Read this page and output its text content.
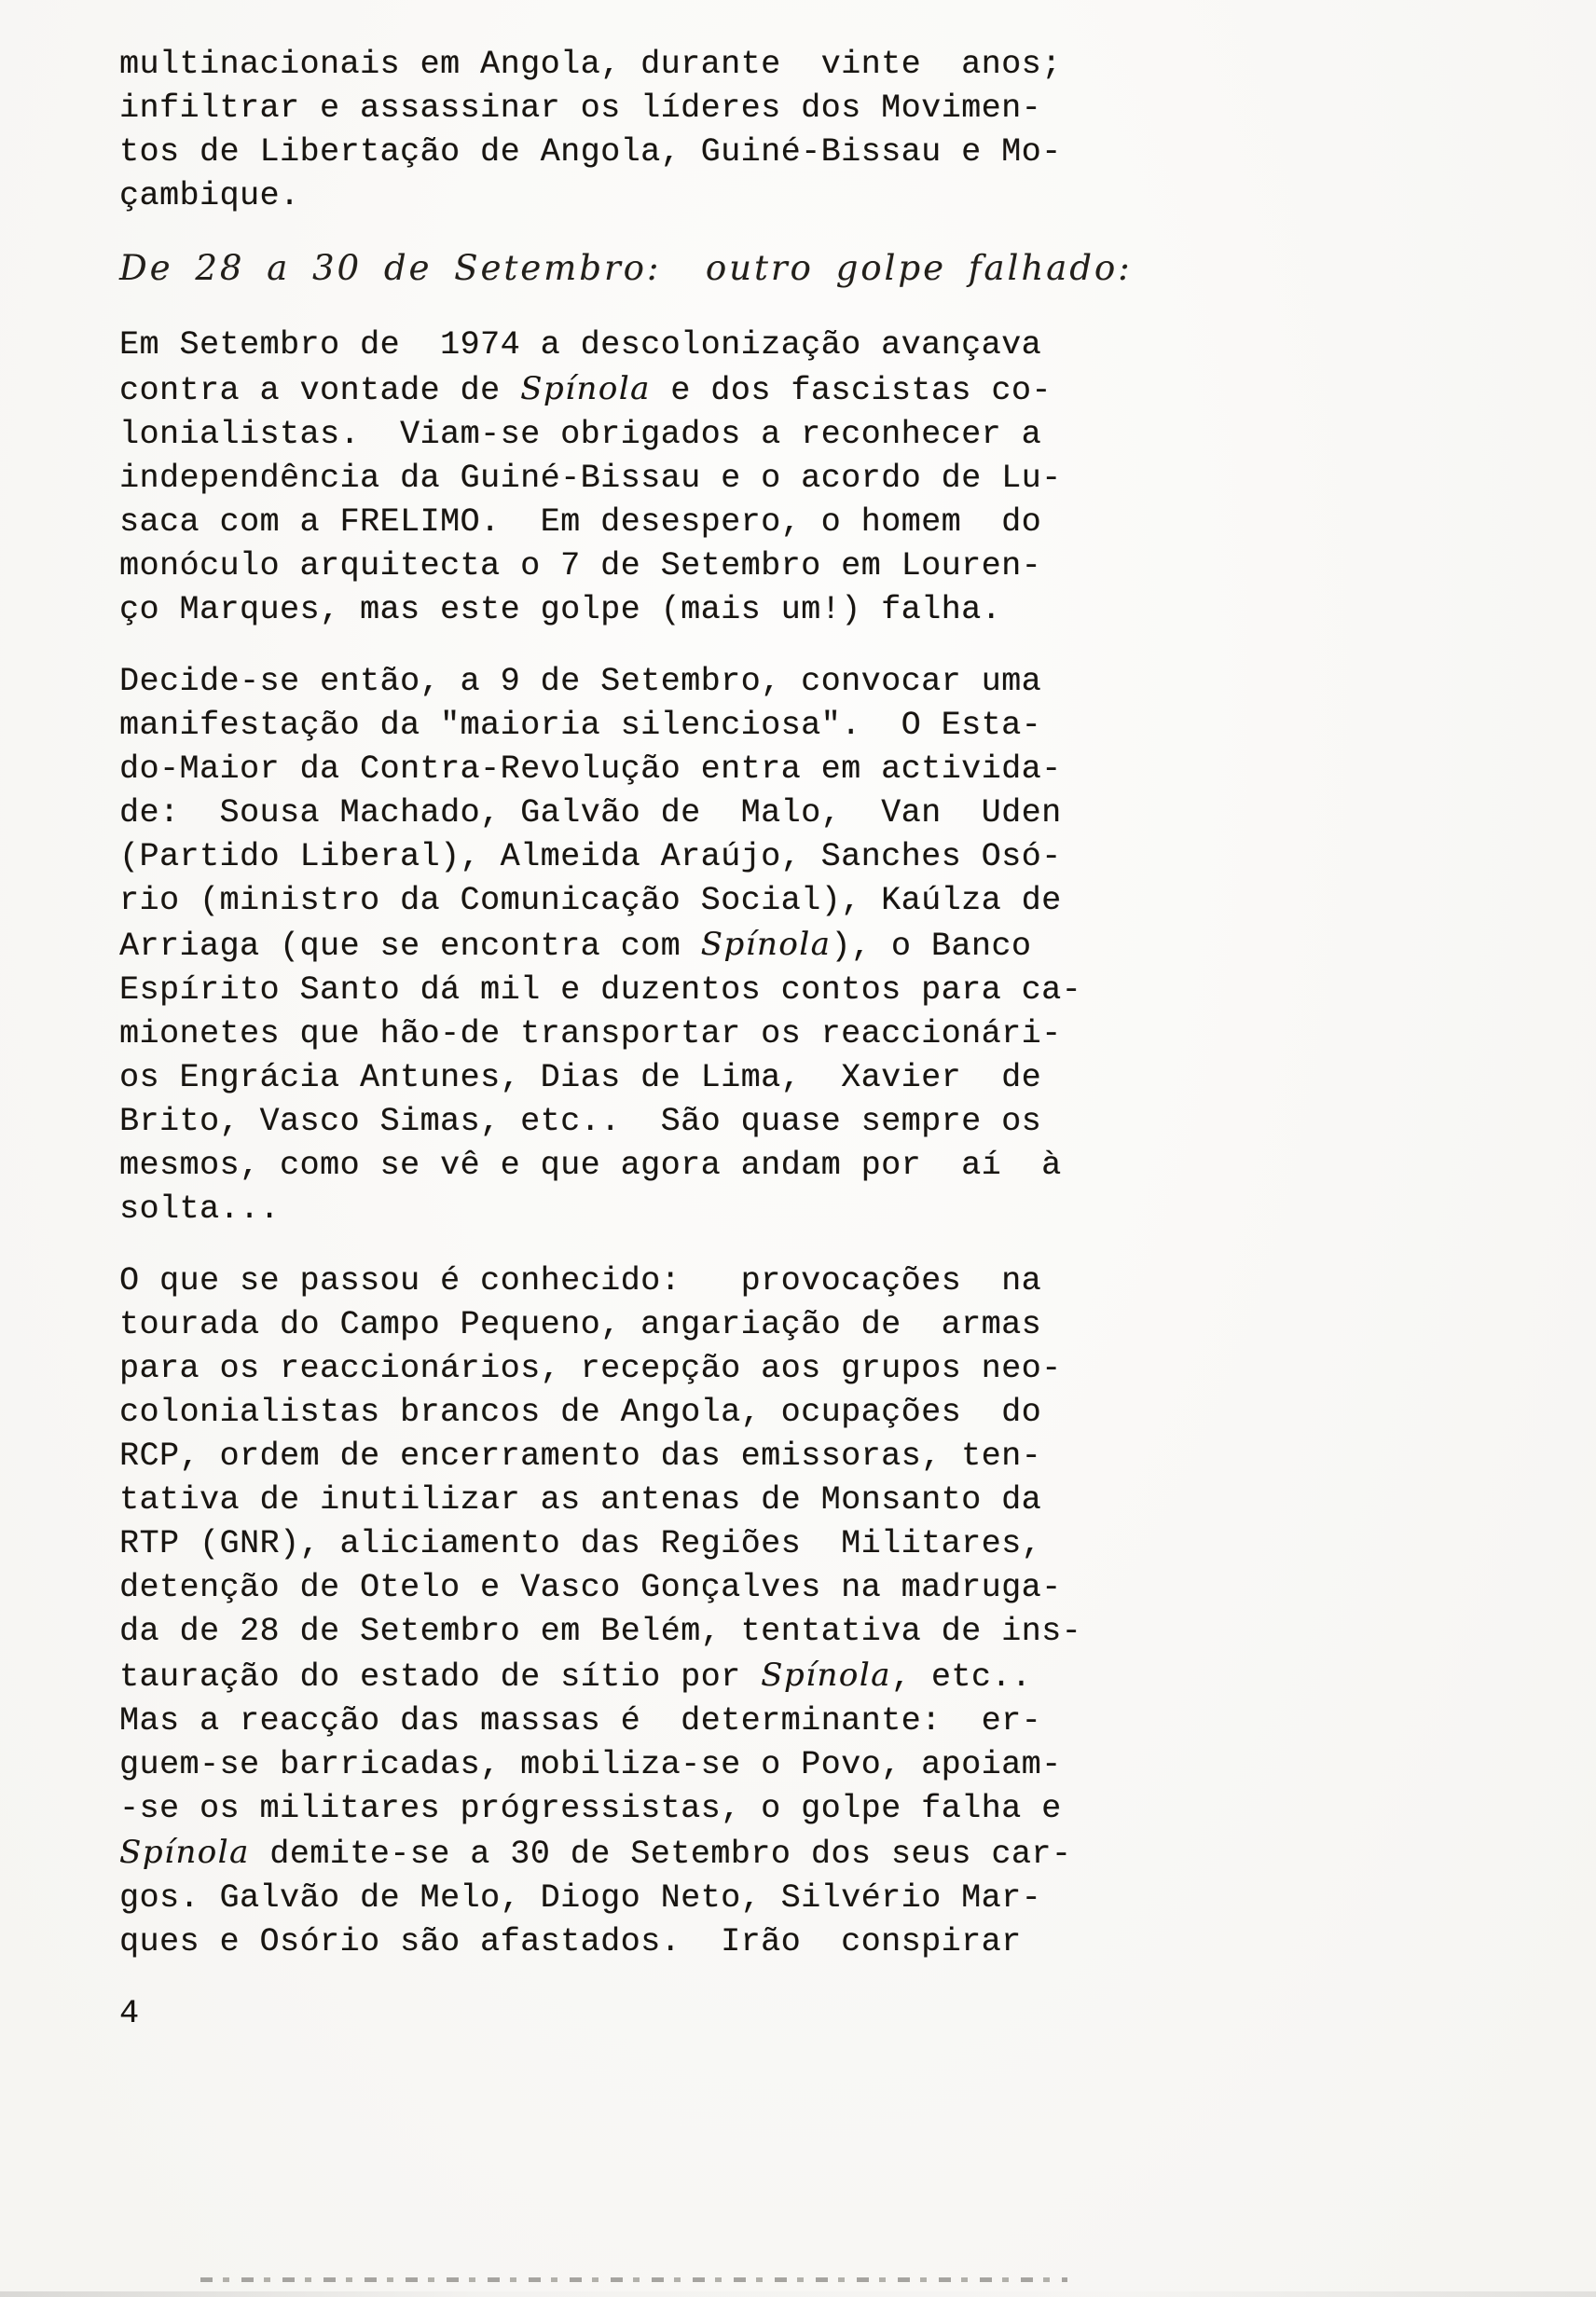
multinacionais em Angola, durante  vinte  anos;
infiltrar e assassinar os líderes dos Movimen-
tos de Libertação de Angola, Guiné-Bissau e Mo-
çambique.
De 28 a 30 de Setembro:  outro golpe falhado:
Em Setembro de  1974 a descolonização avançava
contra a vontade de Spínola e dos fascistas co-
lonialistas.  Viam-se obrigados a reconhecer a
independência da Guiné-Bissau e o acordo de Lu-
saca com a FRELIMO.  Em desespero, o homem  do
monóculo arquitecta o 7 de Setembro em Louren-
ço Marques, mas este golpe (mais um!) falha.
Decide-se então, a 9 de Setembro, convocar uma
manifestação da "maioria silenciosa".  O Esta-
do-Maior da Contra-Revolução entra em activida-
de:  Sousa Machado, Galvão de  Malo,  Van  Uden
(Partido Liberal), Almeida Araújo, Sanches Osó-
rio (ministro da Comunicação Social), Kaúlza de
Arriaga (que se encontra com Spínola), o Banco
Espírito Santo dá mil e duzentos contos para ca-
mionetes que hão-de transportar os reaccionári-
os Engrácia Antunes, Dias de Lima,  Xavier  de
Brito, Vasco Simas, etc..  São quase sempre os
mesmos, como se vê e que agora andam por  aí  à
solta...
O que se passou é conhecido:   provocações  na
tourada do Campo Pequeno, angariação de  armas
para os reaccionários, recepção aos grupos neo-
colonialistas brancos de Angola, ocupações  do
RCP, ordem de encerramento das emissoras, ten-
tativa de inutilizar as antenas de Monsanto da
RTP (GNR), aliciamento das Regiões  Militares,
detenção de Otelo e Vasco Gonçalves na madruga-
da de 28 de Setembro em Belém, tentativa de ins-
tauração do estado de sítio por Spínola, etc..
Mas a reacção das massas é  determinante:  er-
guem-se barricadas, mobiliza-se o Povo, apoiam-
-se os militares prógressistas, o golpe falha e
Spínola demite-se a 30 de Setembro dos seus car-
gos. Galvão de Melo, Diogo Neto, Silvério Mar-
ques e Osório são afastados.  Irão  conspirar
4
